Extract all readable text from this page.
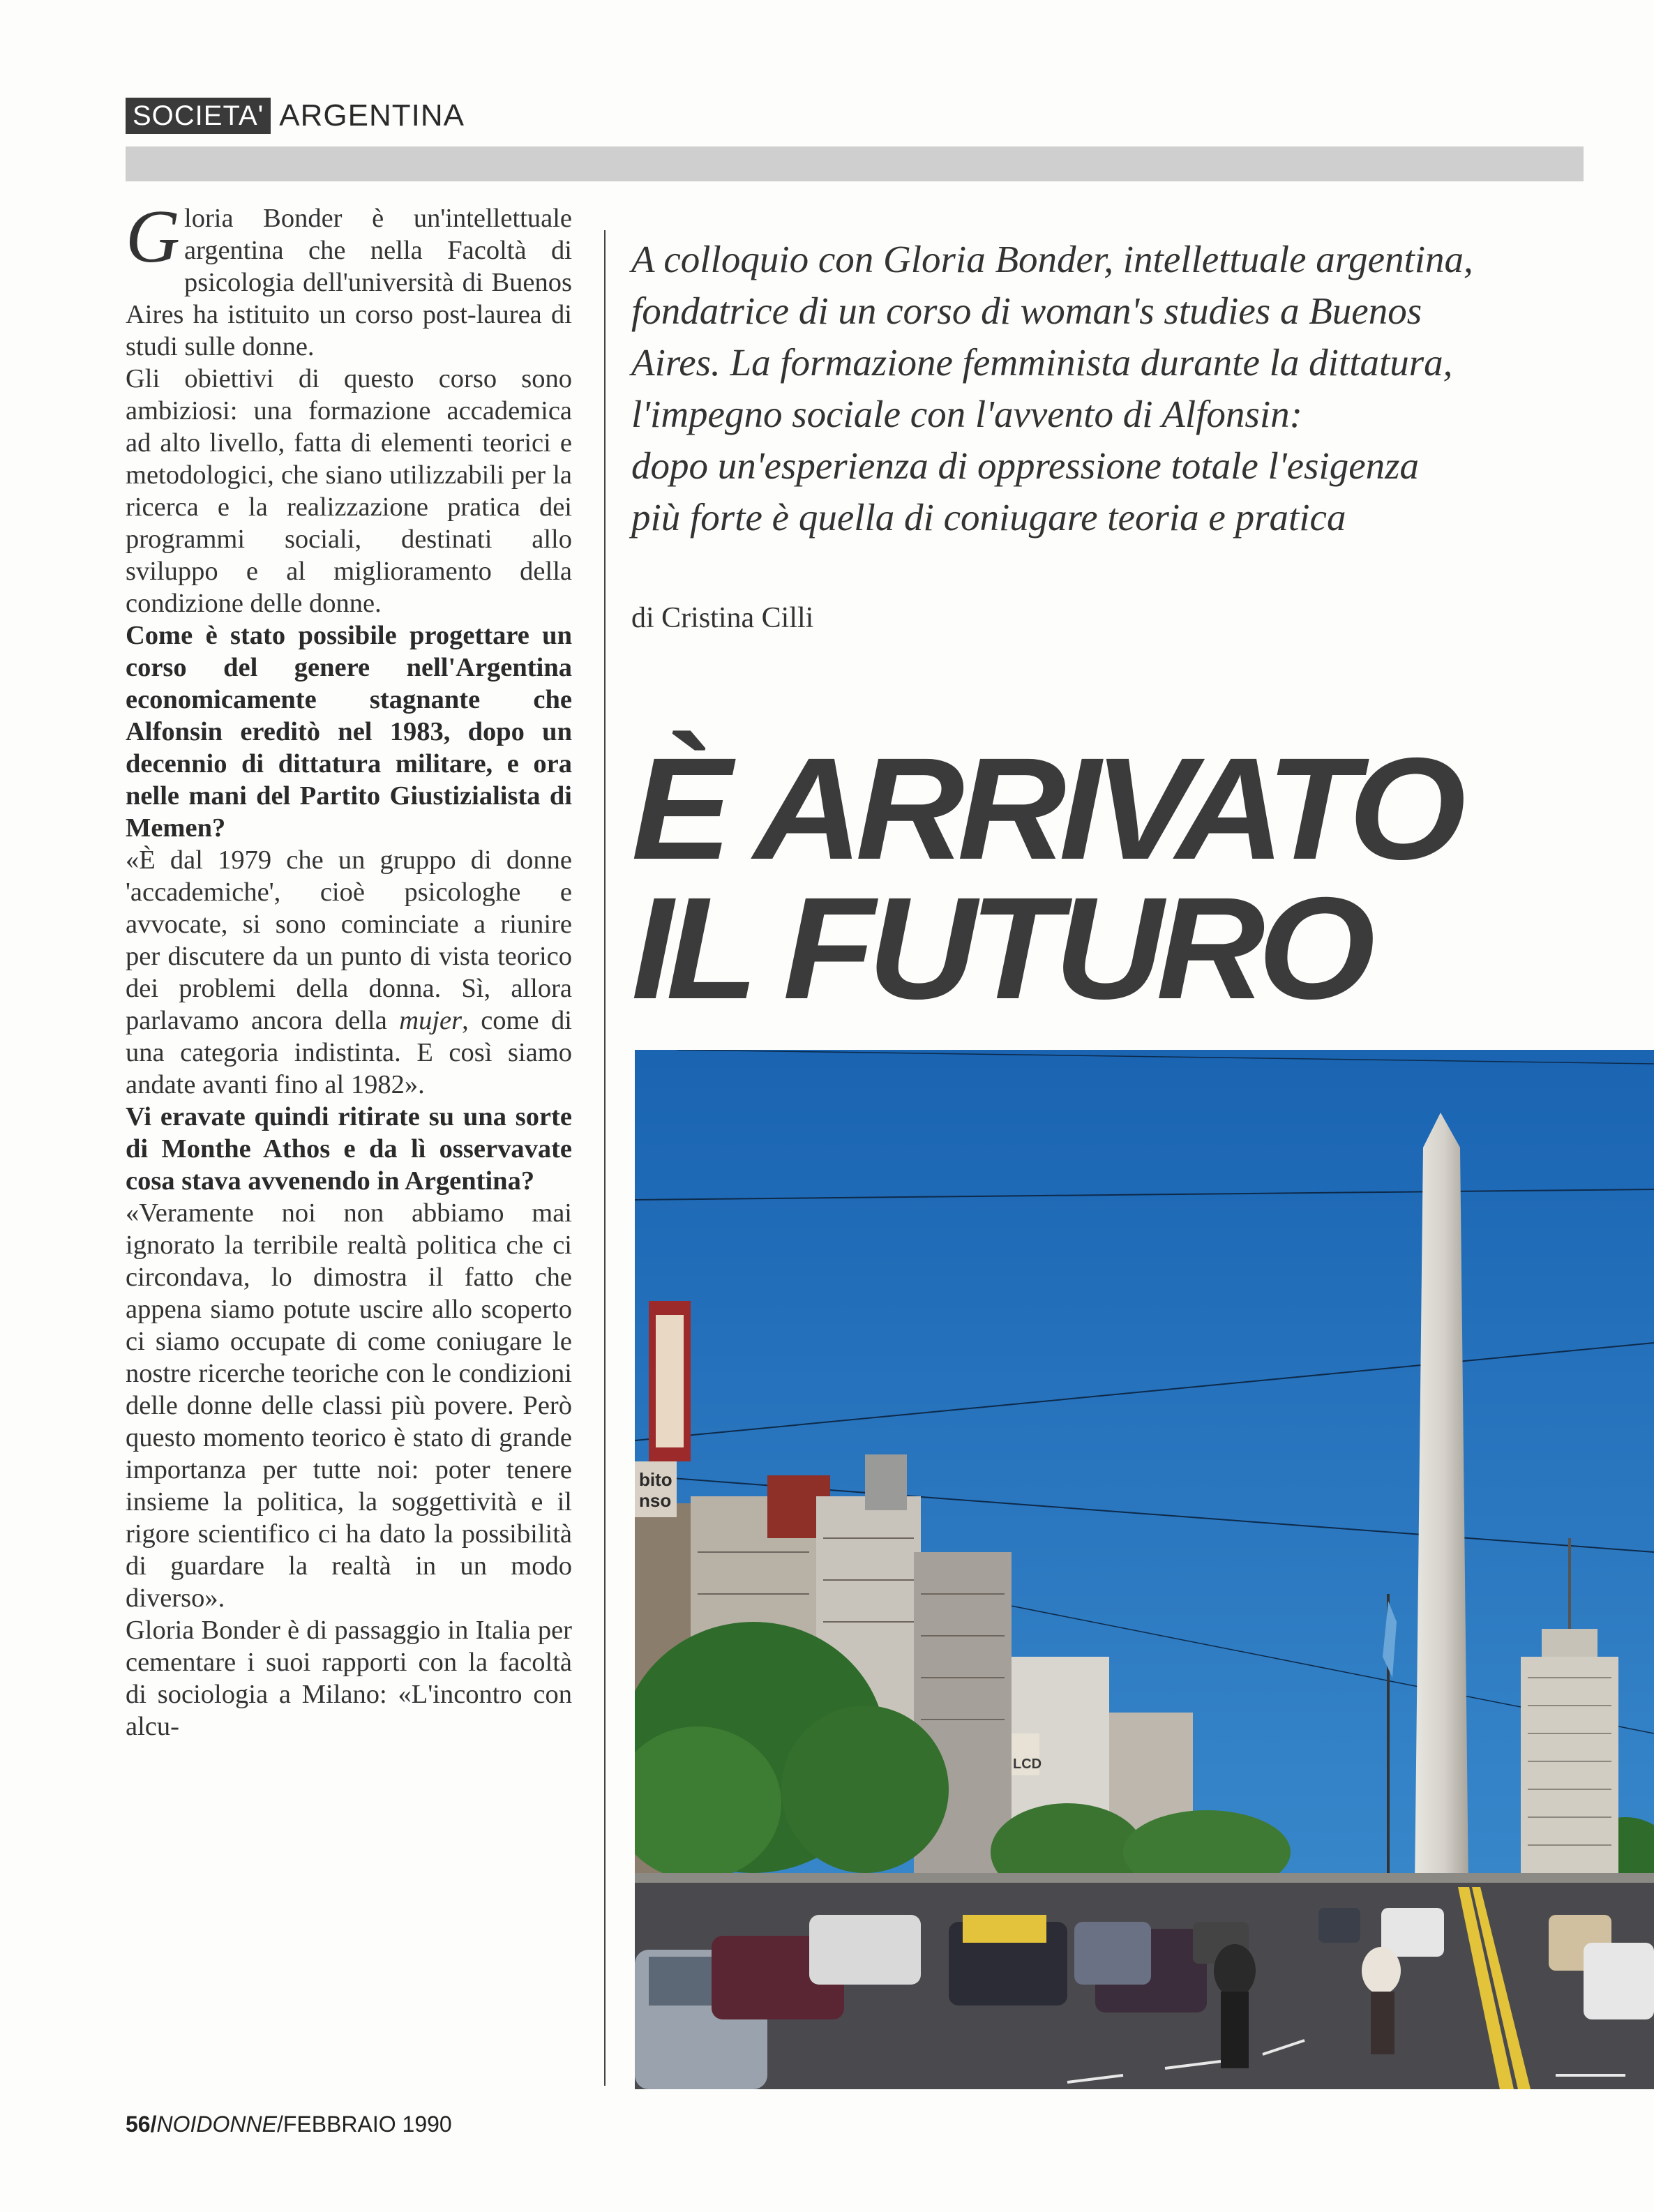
SOCIETA' ARGENTINA

Gloria Bonder è un'intellettuale argentina che nella Facoltà di psicologia dell'università di Buenos Aires ha istituito un corso post-laurea di studi sulle donne.

Gli obiettivi di questo corso sono ambiziosi: una formazione accademica ad alto livello, fatta di elementi teorici e metodologici, che siano utilizzabili per la ricerca e la realizzazione pratica dei programmi sociali, destinati allo sviluppo e al miglioramento della condizione delle donne.

Come è stato possibile progettare un corso del genere nell'Argentina economicamente stagnante che Alfonsin ereditò nel 1983, dopo un decennio di dittatura militare, e ora nelle mani del Partito Giustizialista di Memen?

«È dal 1979 che un gruppo di donne 'accademiche', cioè psicologhe e avvocate, si sono cominciate a riunire per discutere da un punto di vista teorico dei problemi della donna. Sì, allora parlavamo ancora della mujer, come di una categoria indistinta. E così siamo andate avanti fino al 1982».

Vi eravate quindi ritirate su una sorte di Monthe Athos e da lì osservavate cosa stava avvenendo in Argentina?

«Veramente noi non abbiamo mai ignorato la terribile realtà politica che ci circondava, lo dimostra il fatto che appena siamo potute uscire allo scoperto ci siamo occupate di come coniugare le nostre ricerche teoriche con le condizioni delle donne delle classi più povere. Però questo momento teorico è stato di grande importanza per tutte noi: poter tenere insieme la politica, la soggettività e il rigore scientifico ci ha dato la possibilità di guardare la realtà in un modo diverso».

Gloria Bonder è di passaggio in Italia per cementare i suoi rapporti con la facoltà di sociologia a Milano: «L'incontro con alcu-

A colloquio con Gloria Bonder, intellettuale argentina,

fondatrice di un corso di woman's studies a Buenos

Aires. La formazione femminista durante la dittatura,

l'impegno sociale con l'avvento di Alfonsin:

dopo un'esperienza di oppressione totale l'esigenza

più forte è quella di coniugare teoria e pratica

di Cristina Cilli
È ARRIVATO
IL FUTURO
bito
nso
LCD
56/NOIDONNE/FEBBRAIO 1990
